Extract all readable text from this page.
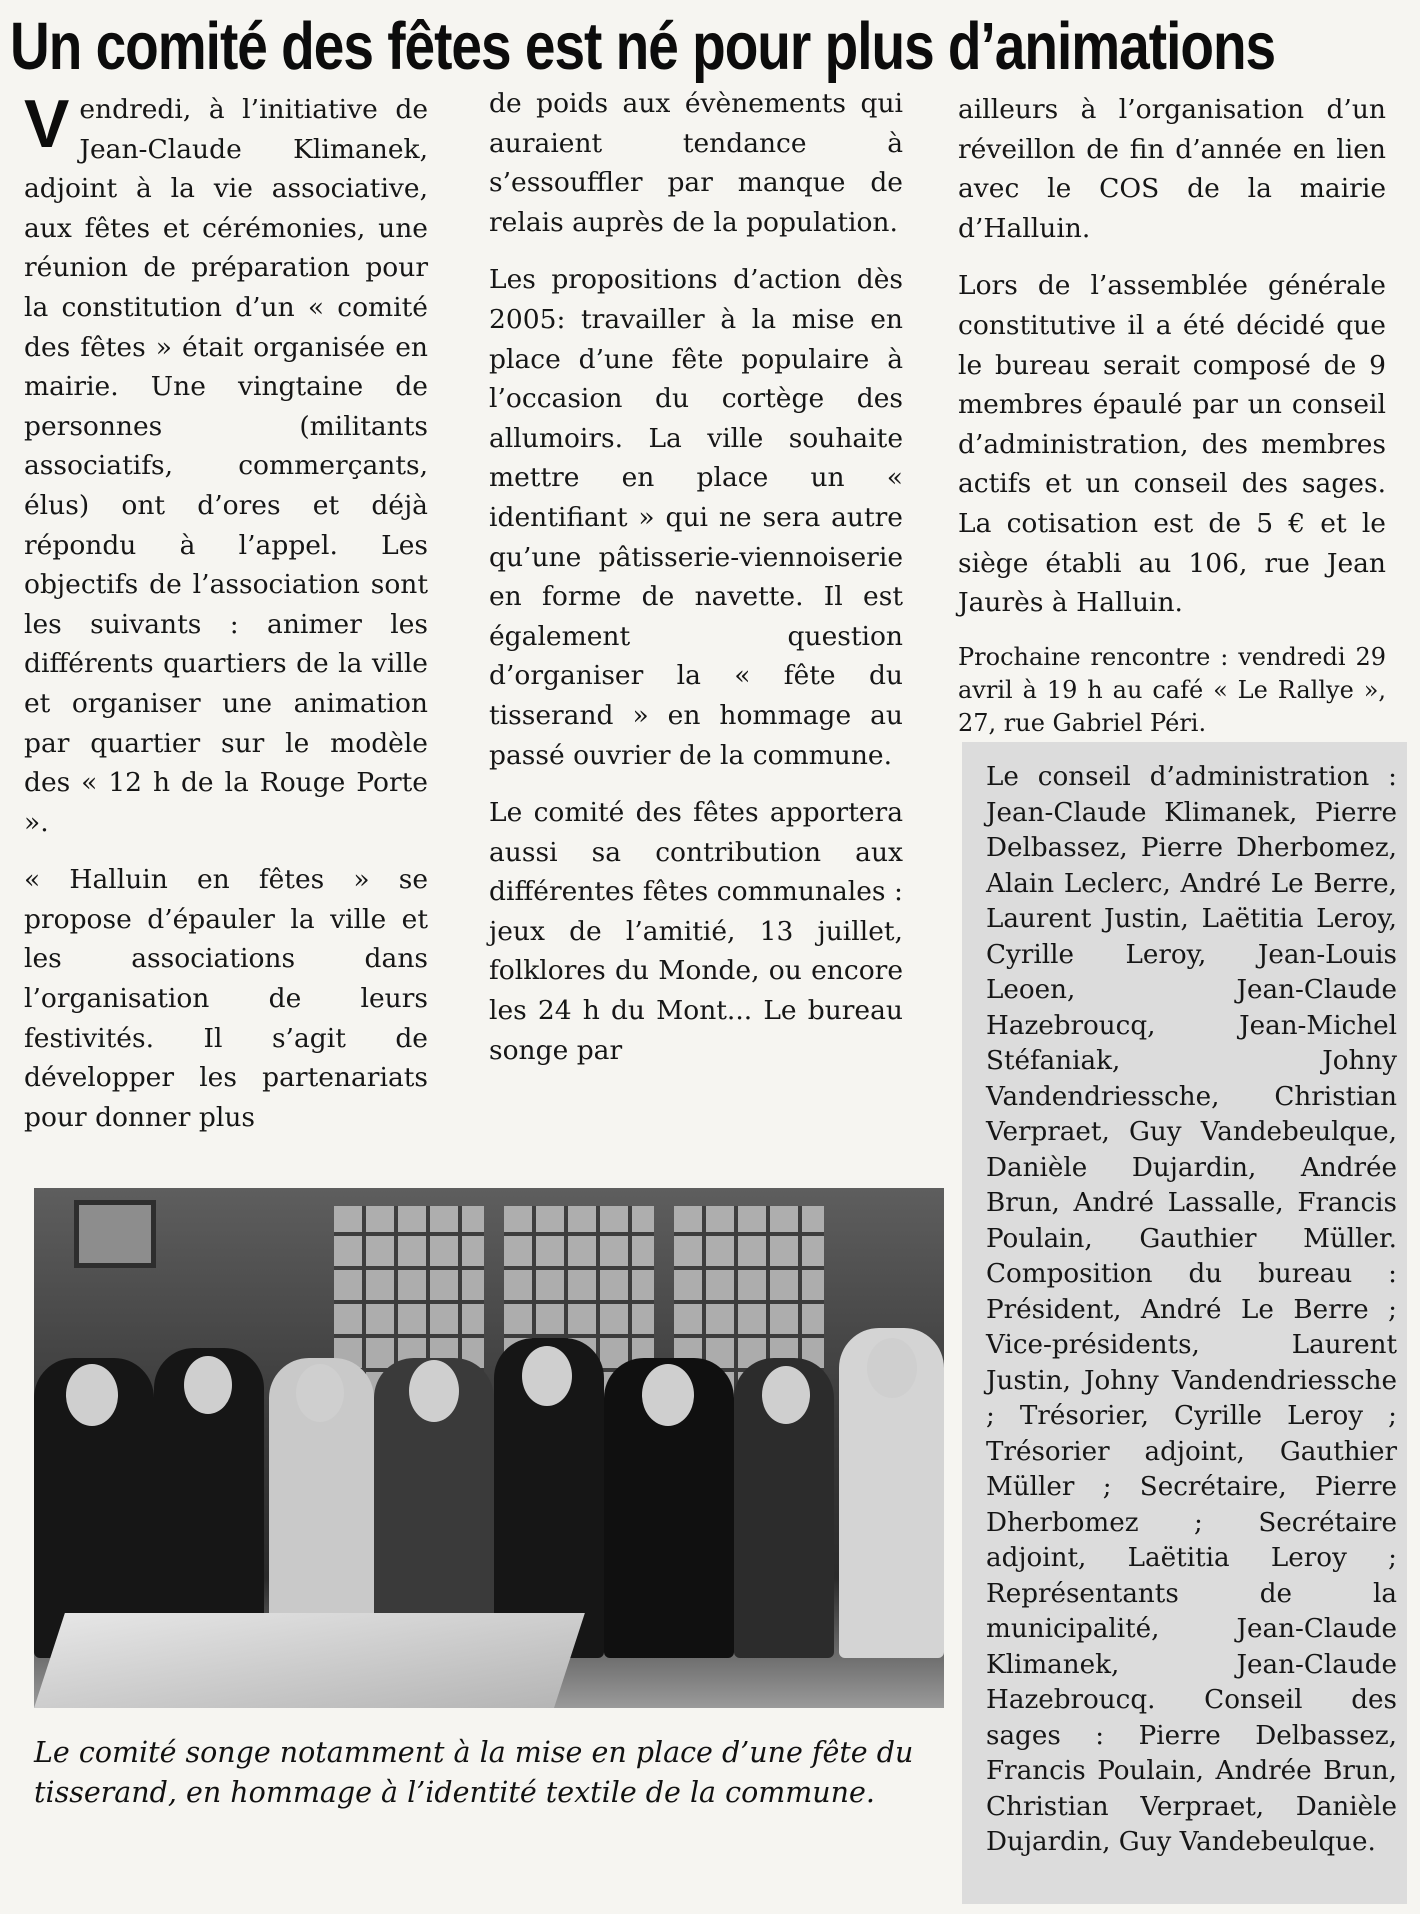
Un comité des fêtes est né pour plus d’animations

Vendredi, à l’initiative de Jean-Claude Klimanek, adjoint à la vie associative, aux fêtes et cérémonies, une réunion de préparation pour la constitution d’un « comité des fêtes » était organisée en mairie. Une vingtaine de personnes (militants associatifs, commerçants, élus) ont d’ores et déjà répondu à l’appel. Les objectifs de l’association sont les suivants : animer les différents quartiers de la ville et organiser une animation par quartier sur le modèle des « 12 h de la Rouge Porte ».

« Halluin en fêtes » se propose d’épauler la ville et les associations dans l’organisation de leurs festivités. Il s’agit de développer les partenariats pour donner plus

de poids aux évènements qui auraient tendance à s’essouffler par manque de relais auprès de la population.

Les propositions d’action dès 2005: travailler à la mise en place d’une fête populaire à l’occasion du cortège des allumoirs. La ville souhaite mettre en place un « identifiant » qui ne sera autre qu’une pâtisserie-viennoiserie en forme de navette. Il est également question d’organiser la « fête du tisserand » en hommage au passé ouvrier de la commune.

Le comité des fêtes apportera aussi sa contribution aux différentes fêtes communales : jeux de l’amitié, 13 juillet, folklores du Monde, ou encore les 24 h du Mont... Le bureau songe par

ailleurs à l’organisation d’un réveillon de fin d’année en lien avec le COS de la mairie d’Halluin.

Lors de l’assemblée générale constitutive il a été décidé que le bureau serait composé de 9 membres épaulé par un conseil d’administration, des membres actifs et un conseil des sages. La cotisation est de 5 € et le siège établi au 106, rue Jean Jaurès à Halluin.

Prochaine rencontre : vendredi 29 avril à 19 h au café « Le Rallye », 27, rue Gabriel Péri.

Le conseil d’administration : Jean-Claude Klimanek, Pierre Delbassez, Pierre Dherbomez, Alain Leclerc, André Le Berre, Laurent Justin, Laëtitia Leroy, Cyrille Leroy, Jean-Louis Leoen, Jean-Claude Hazebroucq, Jean-Michel Stéfaniak, Johny Vandendriessche, Christian Verpraet, Guy Vandebeulque, Danièle Dujardin, Andrée Brun, André Lassalle, Francis Poulain, Gauthier Müller. Composition du bureau : Président, André Le Berre ; Vice-présidents, Laurent Justin, Johny Vandendriessche ; Trésorier, Cyrille Leroy ; Trésorier adjoint, Gauthier Müller ; Secrétaire, Pierre Dherbomez ; Secrétaire adjoint, Laëtitia Leroy ; Représentants de la municipalité, Jean-Claude Klimanek, Jean-Claude Hazebroucq. Conseil des sages : Pierre Delbassez, Francis Poulain, Andrée Brun, Christian Verpraet, Danièle Dujardin, Guy Vandebeulque.
Le comité songe notamment à la mise en place d’une fête du tisserand, en hommage à l’identité textile de la commune.
